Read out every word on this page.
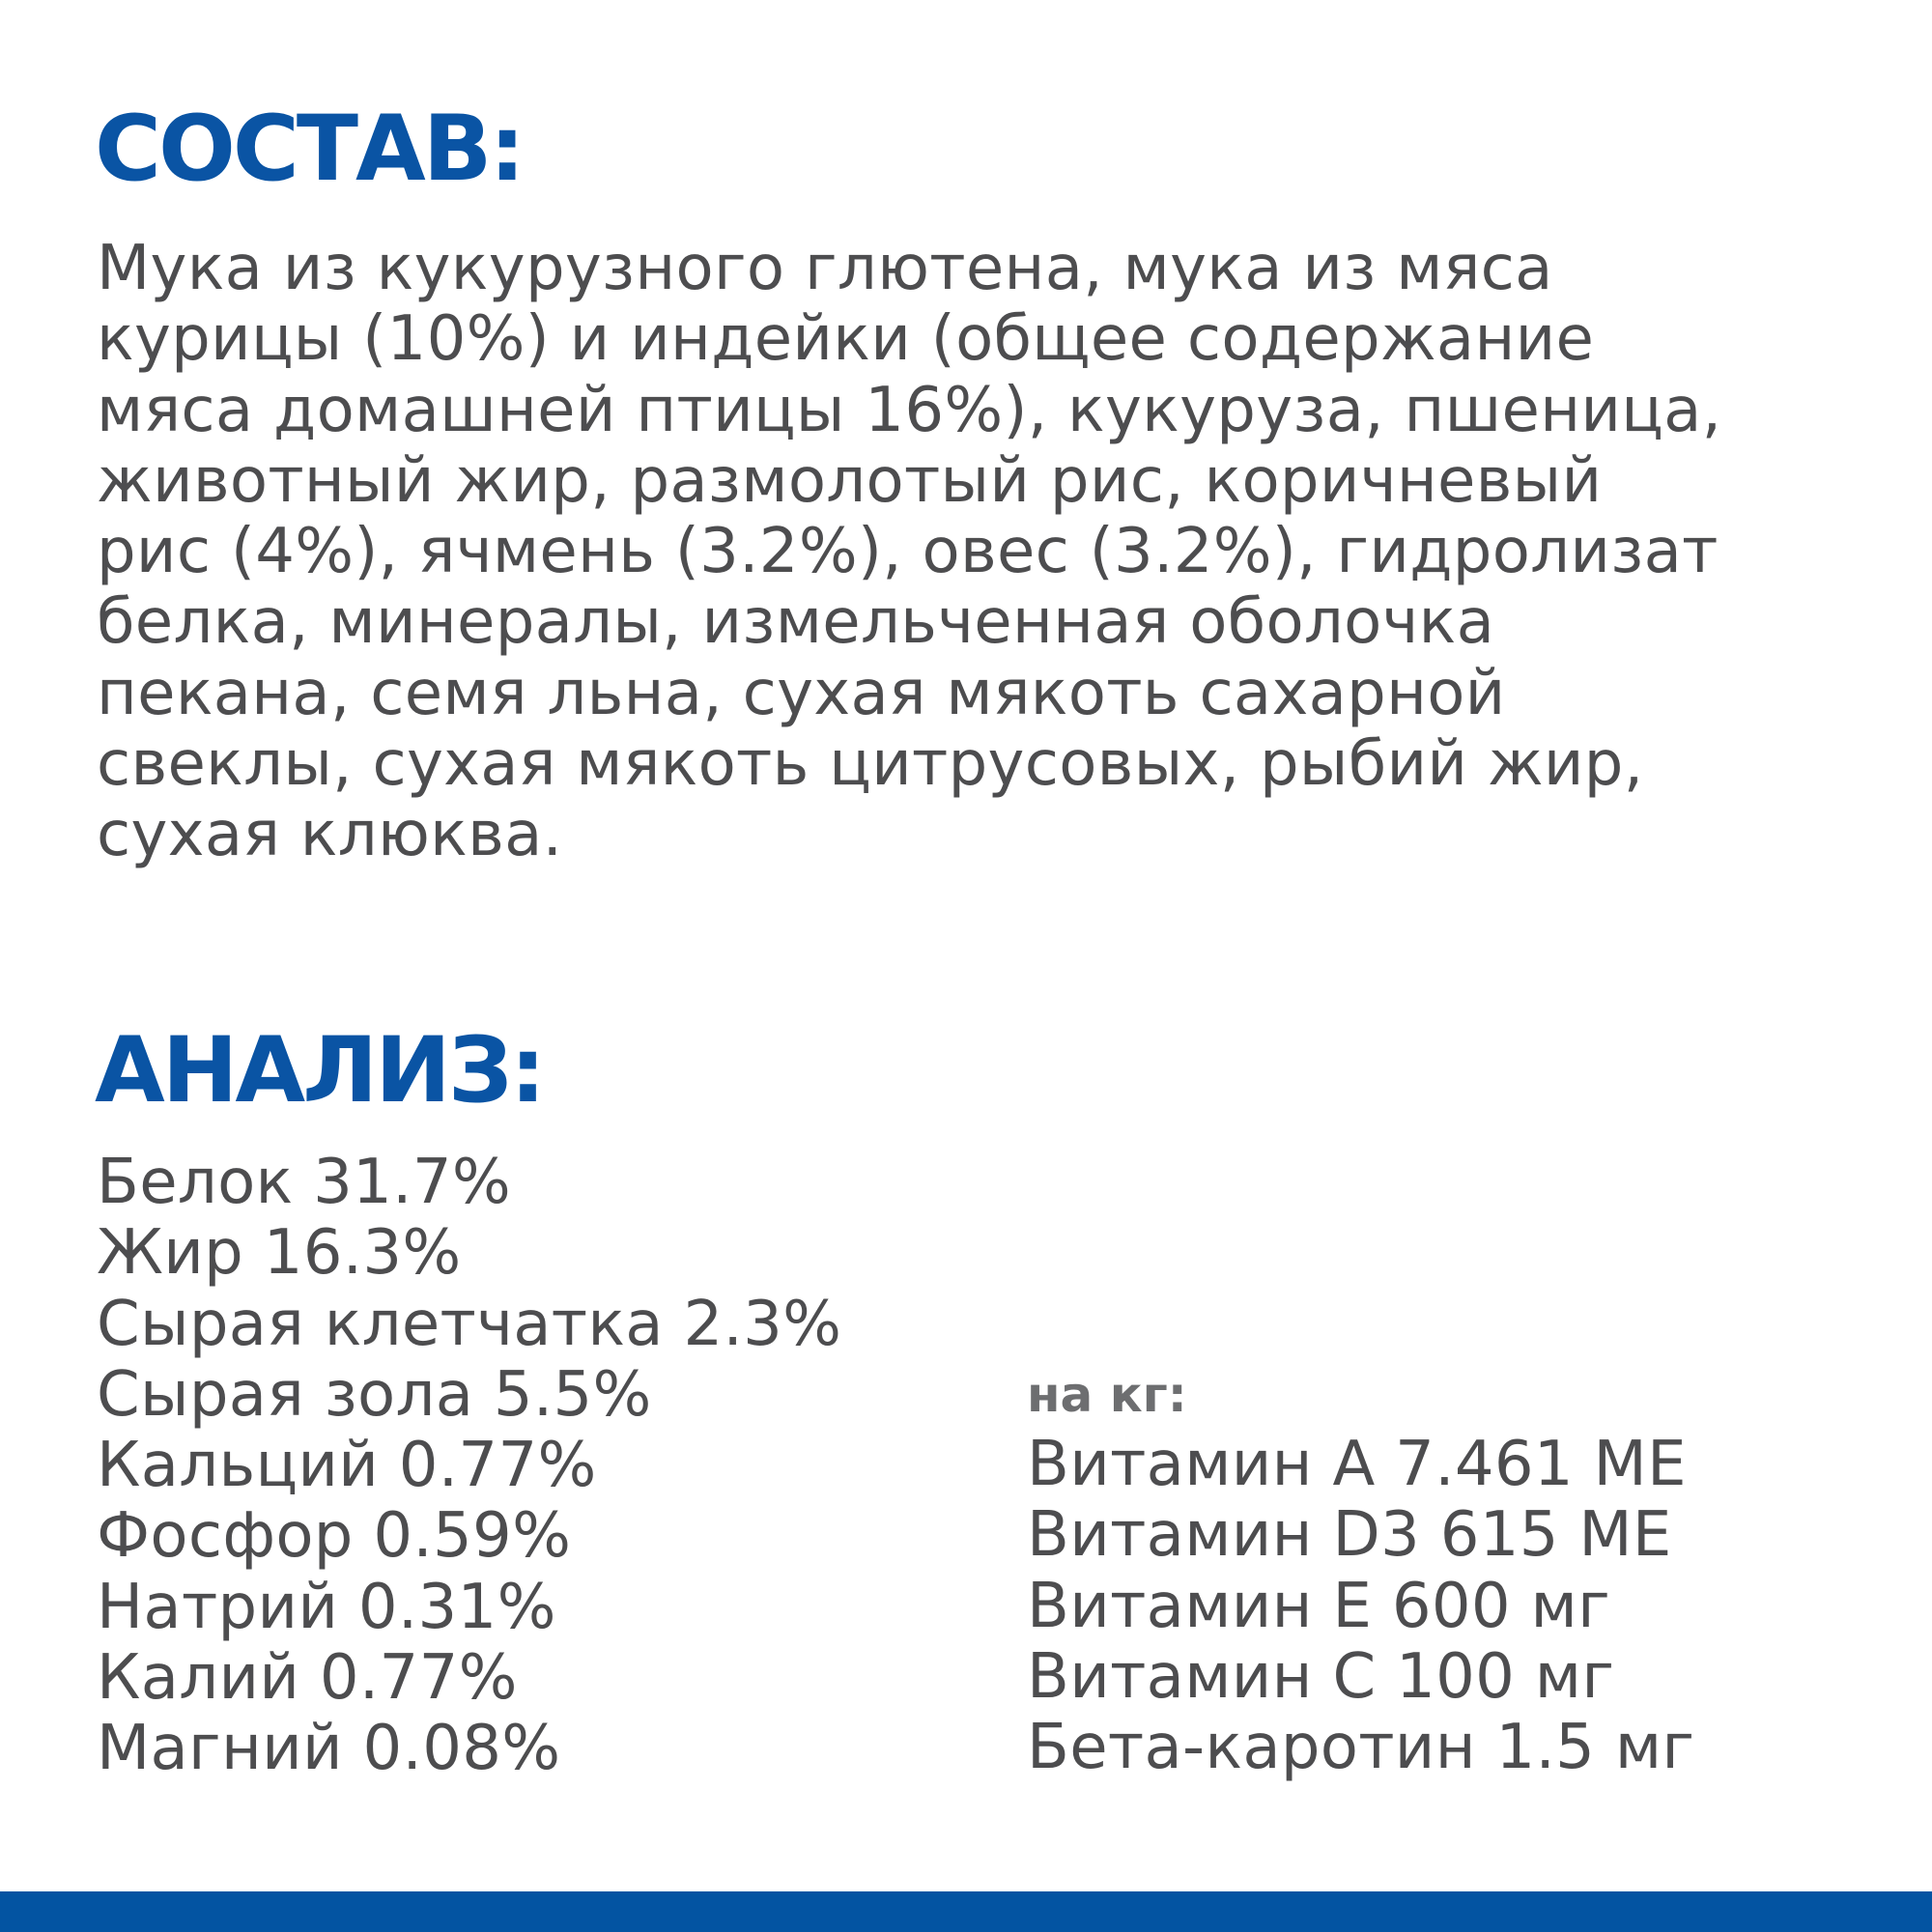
СОСТАВ:
Мука из кукурузного глютена, мука из мяса
курицы (10%) и индейки (общее содержание
мяса домашней птицы 16%), кукуруза, пшеница,
животный жир, размолотый рис, коричневый
рис (4%), ячмень (3.2%), овес (3.2%), гидролизат
белка, минералы, измельченная оболочка
пекана, семя льна, сухая мякоть сахарной
свеклы, сухая мякоть цитрусовых, рыбий жир,
сухая клюква.
АНАЛИЗ:
Белок 31.7%
Жир 16.3%
Сырая клетчатка 2.3%
Сырая зола 5.5%
Кальций 0.77%
Фосфор 0.59%
Натрий 0.31%
Калий 0.77%
Магний 0.08%
на кг:
Витамин А 7.461 МЕ
Витамин D3 615 МЕ
Витамин Е 600 мг
Витамин С 100 мг
Бета-каротин 1.5 мг
